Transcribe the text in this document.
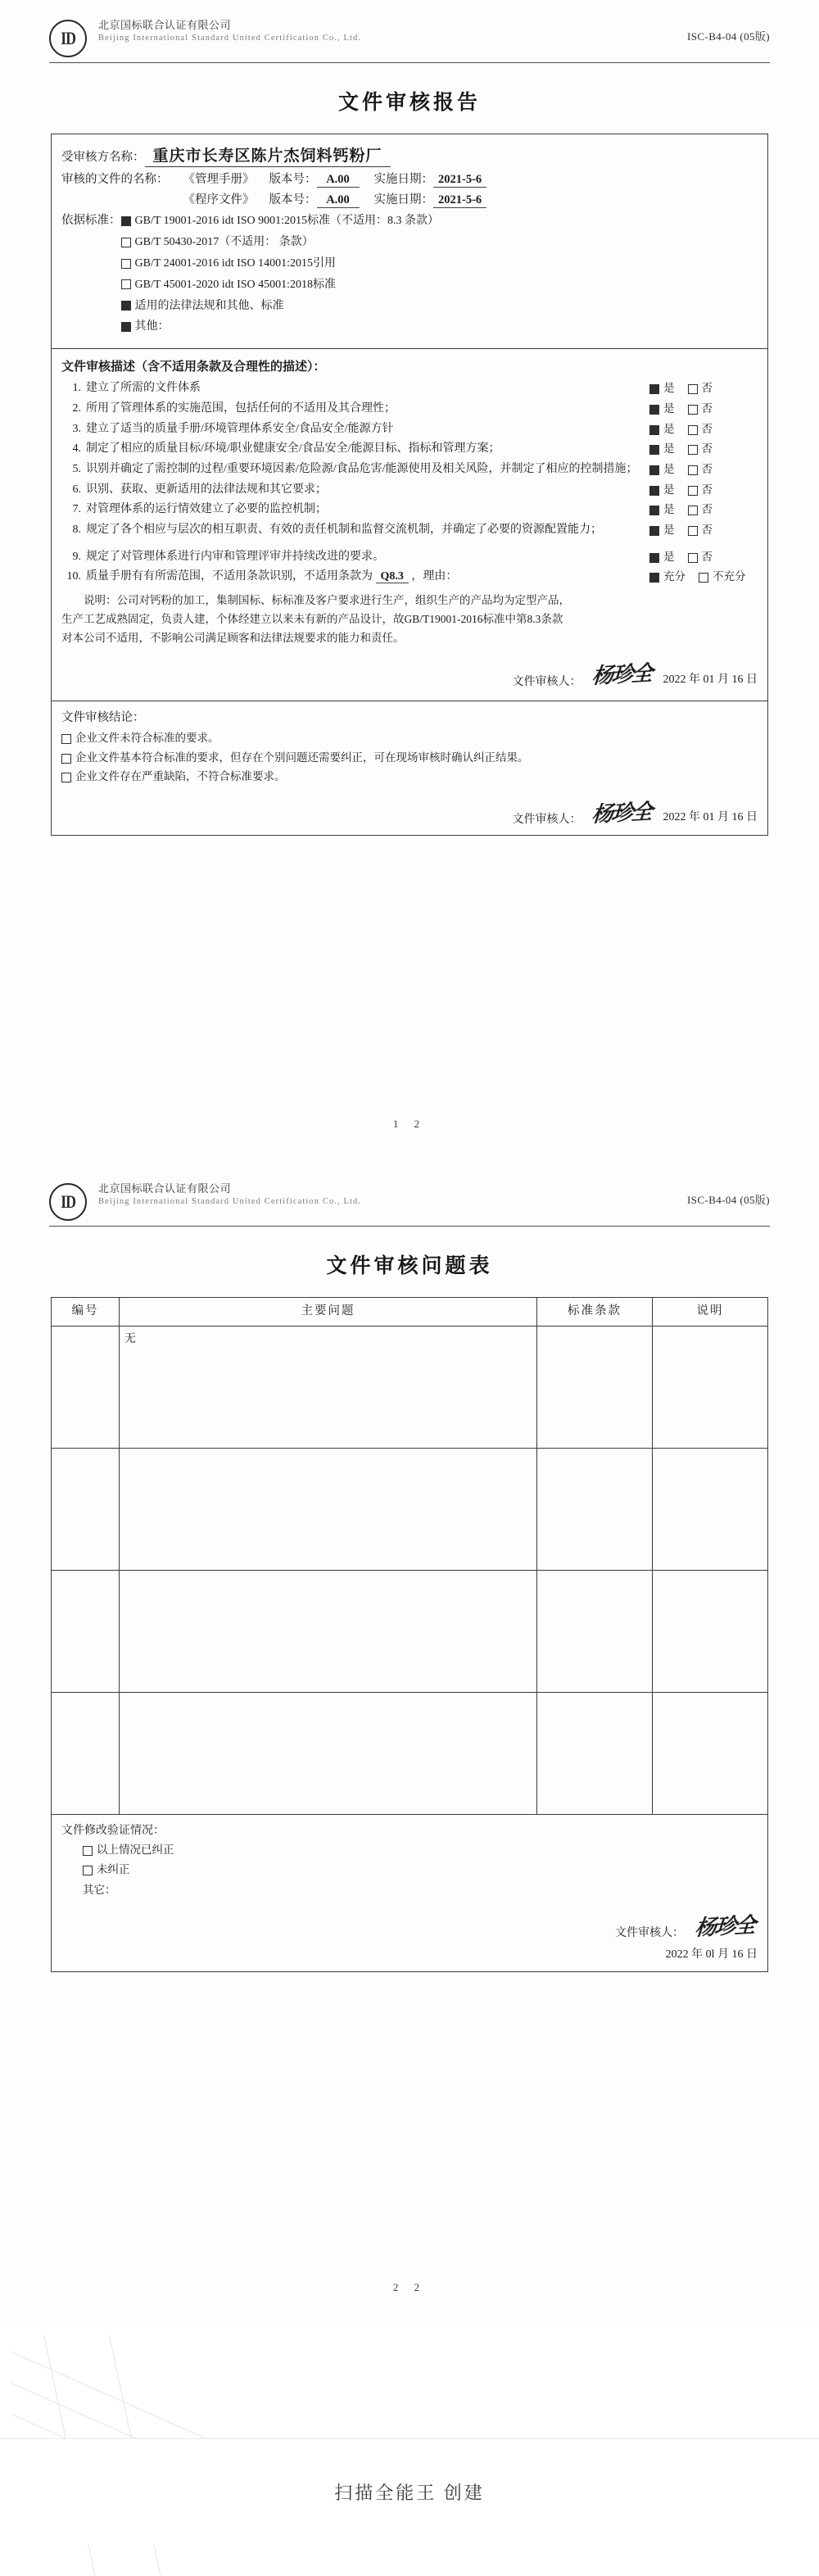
ID
北京国标联合认证有限公司
Beijing International Standard United Certification Co., Ltd.	ISC-B4-04 (05版)
文件审核报告
受审核方名称： 重庆市长寿区陈片杰饲料钙粉厂
审核的文件的名称： 《管理手册》 版本号： A.00	实施日期： 2021-5-6
《程序文件》 版本号： A.00	实施日期： 2021-5-6
依据标准：	GB/T 19001-2016 idt ISO 9001:2015标准（不适用：8.3 条款）
GB/T 50430-2017（不适用： 条款）
GB/T 24001-2016 idt ISO 14001:2015引用
GB/T 45001-2020 idt ISO 45001:2018标准
适用的法律法规和其他、标准
其他：
文件审核描述（含不适用条款及合理性的描述）：
1. 建立了所需的文件体系	是 否
2. 所用了管理体系的实施范围，包括任何的不适用及其合理性；	是 否
3. 建立了适当的质量手册/环境管理体系安全/食品安全/能源方针	是 否
4. 制定了相应的质量目标/环境/职业健康安全/食品安全/能源目标、指标和管理方案；	是 否
5. 识别并确定了需控制的过程/重要环境因素/危险源/食品危害/能源使用及相关风险，并制定了相应的控制措施；	是 否
6. 识别、获取、更新适用的法律法规和其它要求；	是 否
7. 对管理体系的运行情效建立了必要的监控机制；	是 否
8. 规定了各个相应与层次的相互职责、有效的责任机制和监督交流机制，并确定了必要的资源配置能力；	是 否
9. 规定了对管理体系进行内审和管理评审并持续改进的要求。	是 否
10. 质量手册有有所需范围，不适用条款识别，不适用条款为 Q8.3 ，理由：	充分 不充分
说明：公司对钙粉的加工，集制国标、标标准及客户要求进行生产，组织生产的产品均为定型产品，
生产工艺成熟固定，负责人建，个体经建立以来未有新的产品设计，故GB/T19001-2016标准中第8.3条款
对本公司不适用，不影响公司满足顾客和法律法规要求的能力和责任。
文件审核人： 杨珍全 2022 年 01 月 16 日
文件审核结论：
企业文件未符合标准的要求。
企业文件基本符合标准的要求，但存在个别问题还需要纠正，可在现场审核时确认纠正结果。
企业文件存在严重缺陷，不符合标准要求。
文件审核人： 杨珍全 2022 年 01 月 16 日
1 2
ID
北京国标联合认证有限公司
Beijing International Standard United Certification Co., Ltd.	ISC-B4-04 (05版)
文件审核问题表
编号	主要问题	标准条款	说明
	无		

文件修改验证情况：
以上情况已纠正
未纠正
其它：
文件审核人： 杨珍全
2022 年 0l 月 16 日
2 2
扫描全能王 创建
